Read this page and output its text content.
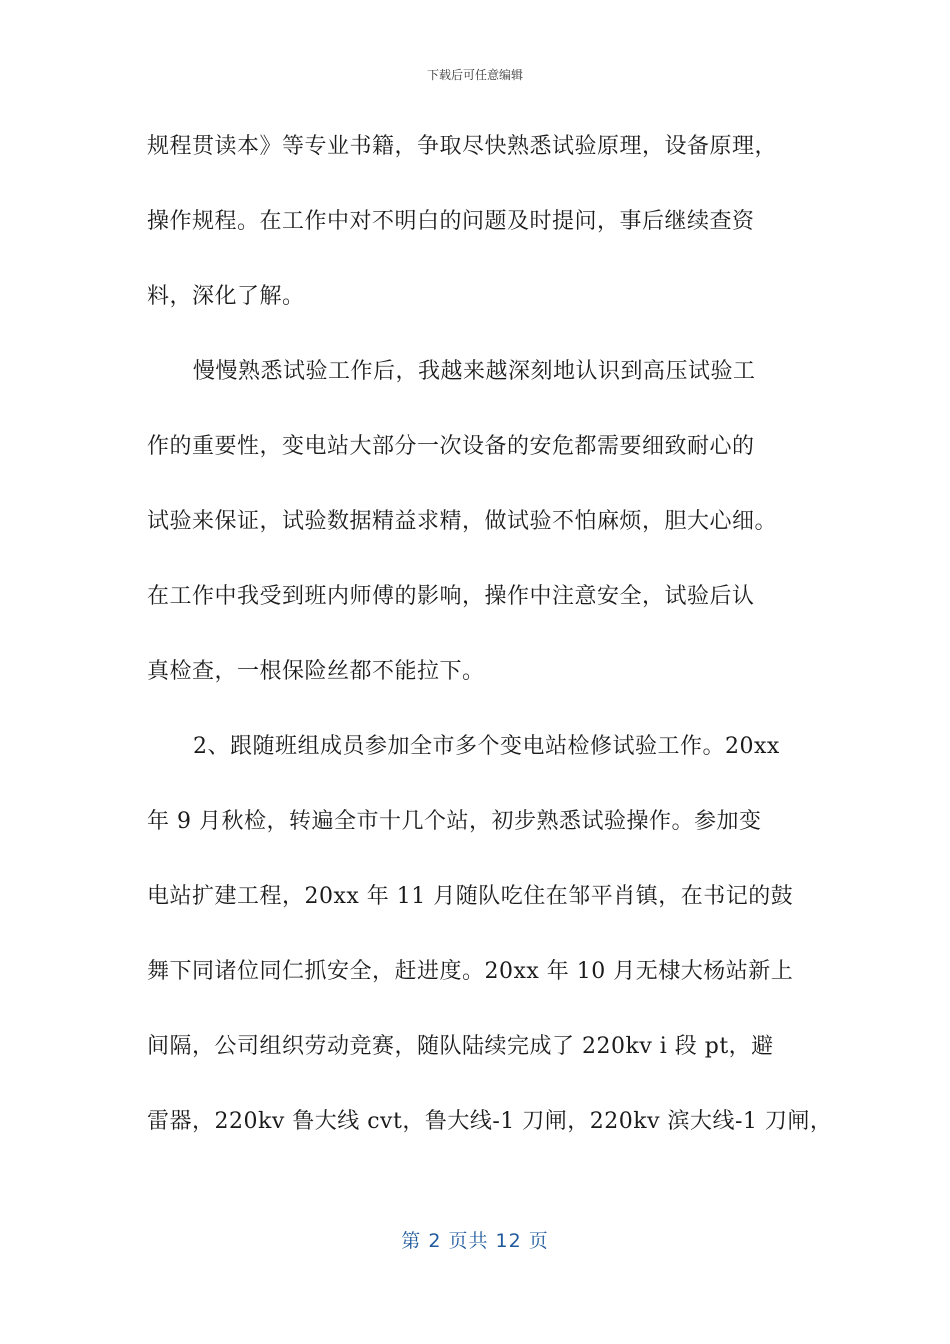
下载后可任意编辑
规程贯读本》等专业书籍，争取尽快熟悉试验原理，设备原理，
操作规程。在工作中对不明白的问题及时提问，事后继续查资
料，深化了解。
慢慢熟悉试验工作后，我越来越深刻地认识到高压试验工
作的重要性，变电站大部分一次设备的安危都需要细致耐心的
试验来保证，试验数据精益求精，做试验不怕麻烦，胆大心细。
在工作中我受到班内师傅的影响，操作中注意安全，试验后认
真检查，一根保险丝都不能拉下。
2、跟随班组成员参加全市多个变电站检修试验工作。20xx
年 9 月秋检，转遍全市十几个站，初步熟悉试验操作。参加变
电站扩建工程，20xx 年 11 月随队吃住在邹平肖镇，在书记的鼓
舞下同诸位同仁抓安全，赶进度。20xx 年 10 月无棣大杨站新上
间隔，公司组织劳动竞赛，随队陆续完成了 220kv ⅰ 段 pt，避
雷器，220kv 鲁大线 cvt，鲁大线-1 刀闸，220kv 滨大线-1 刀闸，
第 2 页共 12 页
